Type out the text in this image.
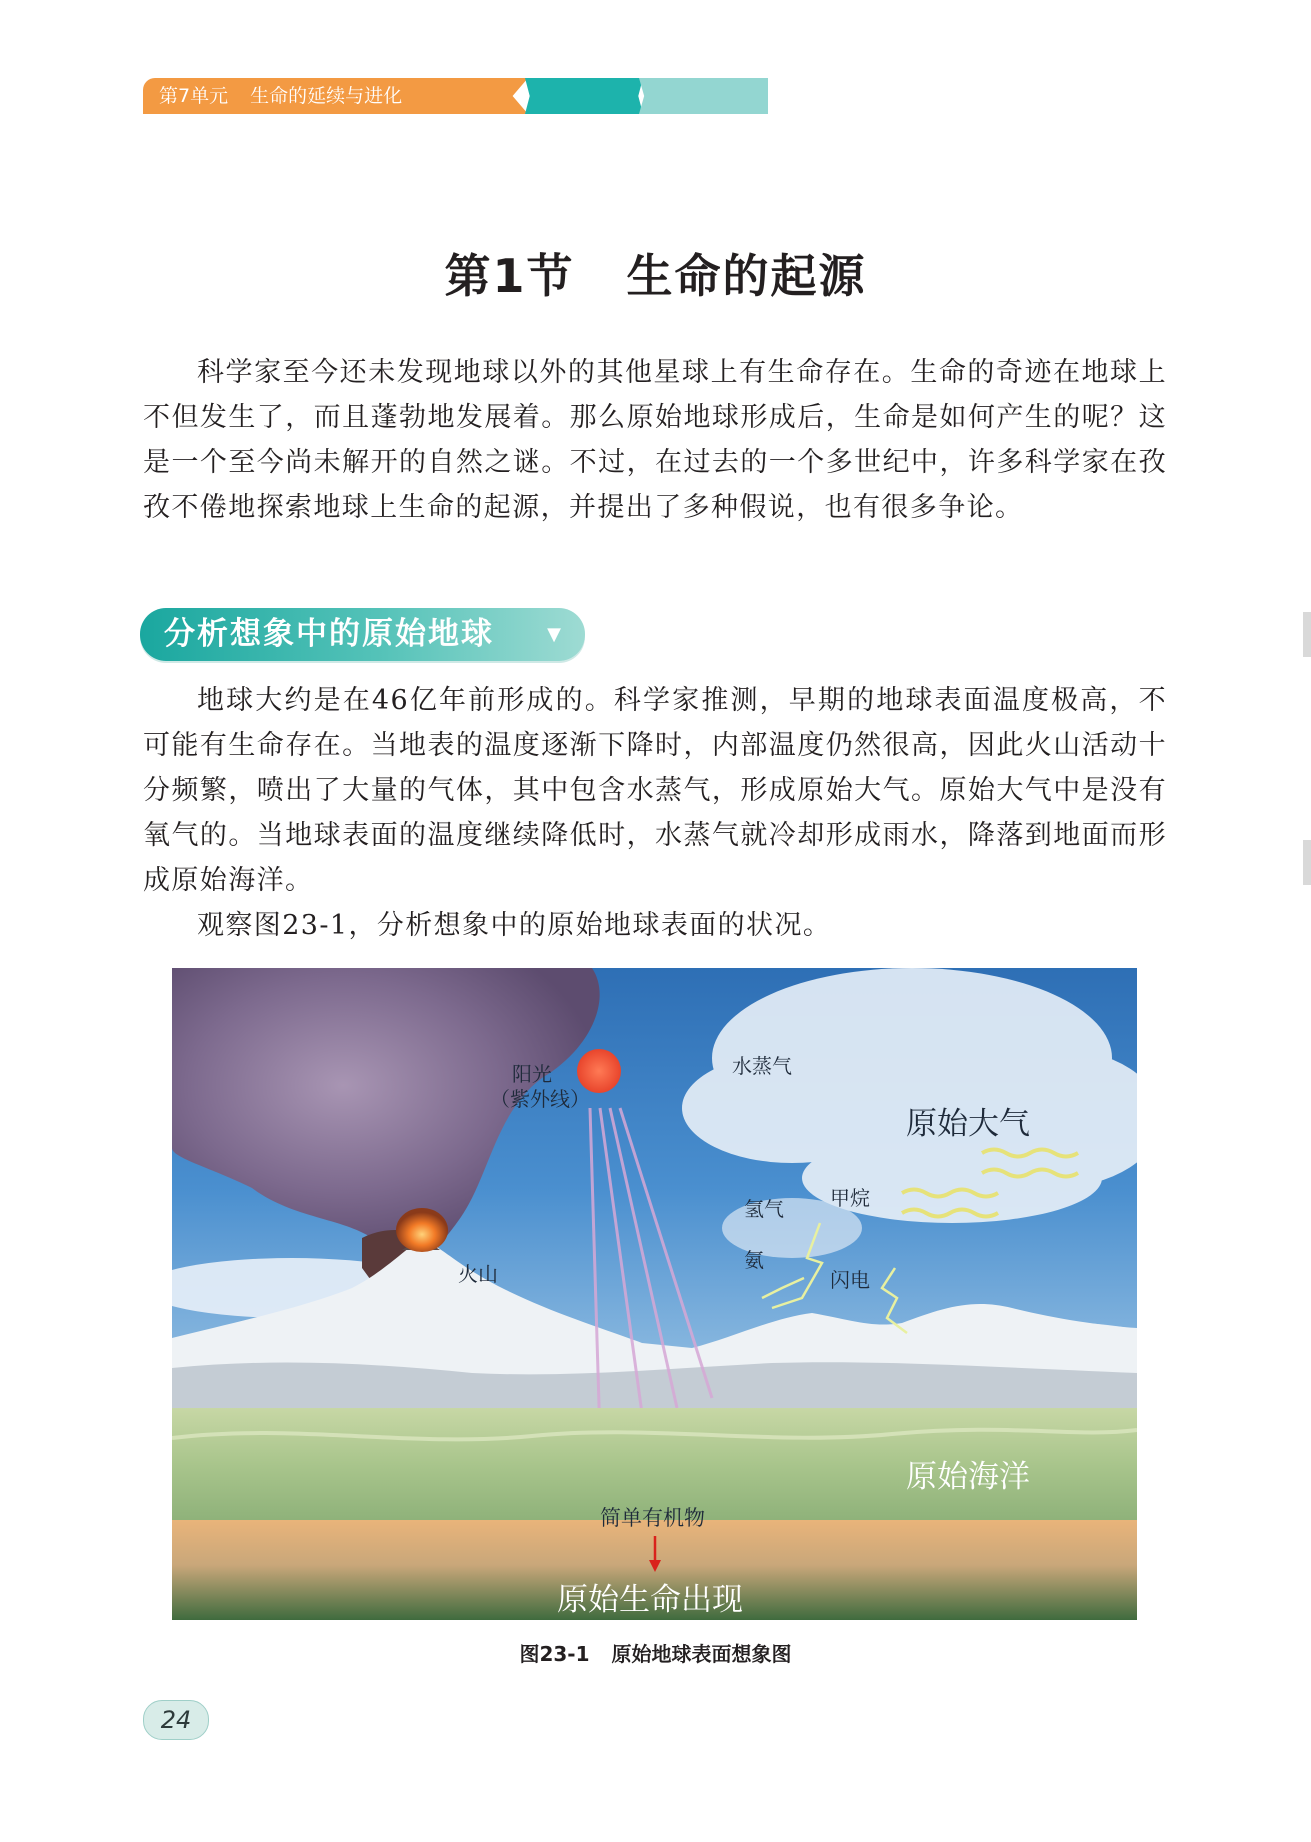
第7单元 生命的延续与进化
第1节 生命的起源

科学家至今还未发现地球以外的其他星球上有生命存在。生命的奇迹在地球上不但发生了，而且蓬勃地发展着。那么原始地球形成后，生命是如何产生的呢？这是一个至今尚未解开的自然之谜。不过，在过去的一个多世纪中，许多科学家在孜孜不倦地探索地球上生命的起源，并提出了多种假说，也有很多争论。

分析想象中的原始地球	▼

地球大约是在46亿年前形成的。科学家推测，早期的地球表面温度极高，不可能有生命存在。当地表的温度逐渐下降时，内部温度仍然很高，因此火山活动十分频繁，喷出了大量的气体，其中包含水蒸气，形成原始大气。原始大气中是没有氧气的。当地球表面的温度继续降低时，水蒸气就冷却形成雨水，降落到地面而形成原始海洋。

观察图23-1，分析想象中的原始地球表面的状况。

阳光
（紫外线）
水蒸气
原始大气
氢气 甲烷
氨
闪电
火山
原始海洋
简单有机物
原始生命出现
图23-1 原始地球表面想象图
24
